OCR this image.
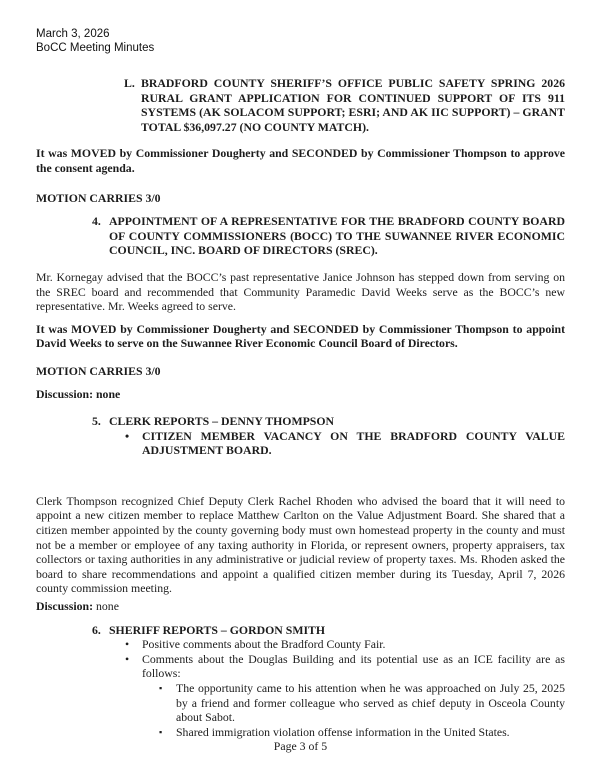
March 3, 2026
BoCC Meeting Minutes
L. BRADFORD COUNTY SHERIFF’S OFFICE PUBLIC SAFETY SPRING 2026 RURAL GRANT APPLICATION FOR CONTINUED SUPPORT OF ITS 911 SYSTEMS (AK SOLACOM SUPPORT; ESRI; AND AK IIC SUPPORT) – GRANT TOTAL $36,097.27 (NO COUNTY MATCH).

It was MOVED by Commissioner Dougherty and SECONDED by Commissioner Thompson to approve the consent agenda.

MOTION CARRIES 3/0

4. APPOINTMENT OF A REPRESENTATIVE FOR THE BRADFORD COUNTY BOARD OF COUNTY COMMISSIONERS (BOCC) TO THE SUWANNEE RIVER ECONOMIC COUNCIL, INC. BOARD OF DIRECTORS (SREC).

Mr. Kornegay advised that the BOCC’s past representative Janice Johnson has stepped down from serving on the SREC board and recommended that Community Paramedic David Weeks serve as the BOCC’s new representative. Mr. Weeks agreed to serve.

It was MOVED by Commissioner Dougherty and SECONDED by Commissioner Thompson to appoint David Weeks to serve on the Suwannee River Economic Council Board of Directors.

MOTION CARRIES 3/0

Discussion: none

5. CLERK REPORTS – DENNY THOMPSON
•	CITIZEN MEMBER VACANCY ON THE BRADFORD COUNTY VALUE ADJUSTMENT BOARD.

Clerk Thompson recognized Chief Deputy Clerk Rachel Rhoden who advised the board that it will need to appoint a new citizen member to replace Matthew Carlton on the Value Adjustment Board. She shared that a citizen member appointed by the county governing body must own homestead property in the county and must not be a member or employee of any taxing authority in Florida, or represent owners, property appraisers, tax collectors or taxing authorities in any administrative or judicial review of property taxes. Ms. Rhoden asked the board to share recommendations and appoint a qualified citizen member during its Tuesday, April 7, 2026 county commission meeting.

Discussion: none

6. SHERIFF REPORTS – GORDON SMITH
•	Positive comments about the Bradford County Fair.
•	Comments about the Douglas Building and its potential use as an ICE facility are as follows:
▪	The opportunity came to his attention when he was approached on July 25, 2025 by a friend and former colleague who served as chief deputy in Osceola County about Sabot.
▪	Shared immigration violation offense information in the United States.

Page 3 of 5
